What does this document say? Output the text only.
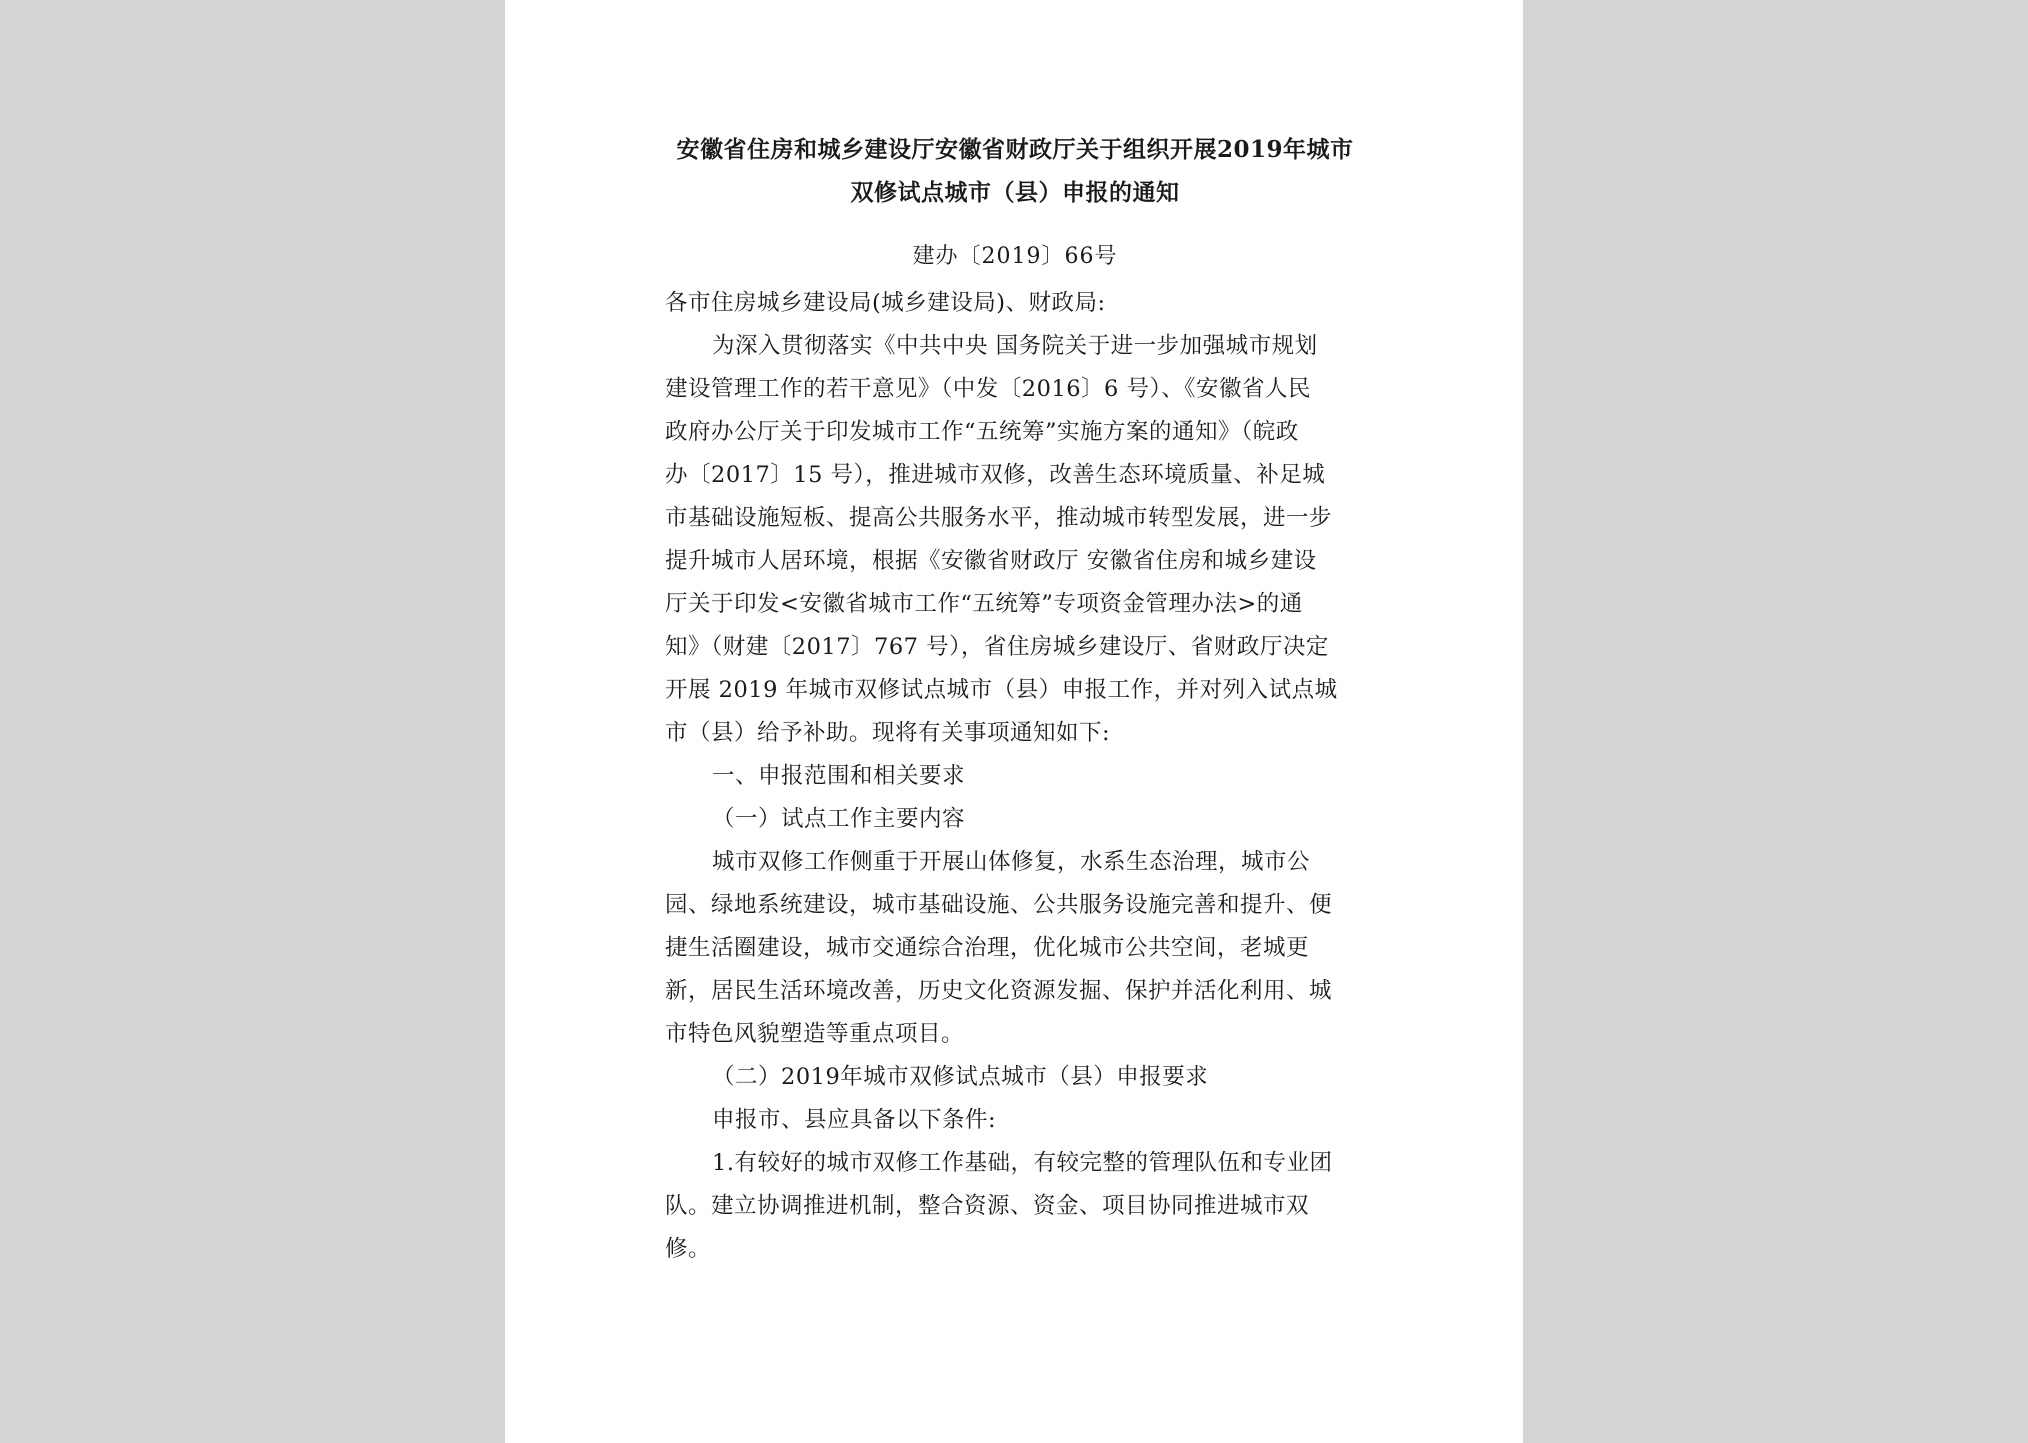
安徽省住房和城乡建设厅安徽省财政厅关于组织开展2019年城市
双修试点城市（县）申报的通知
建办〔2019〕66号
各市住房城乡建设局(城乡建设局)、财政局:
为深入贯彻落实《中共中央 国务院关于进一步加强城市规划
建设管理工作的若干意见》（中发〔2016〕6 号）、《安徽省人民
政府办公厅关于印发城市工作“五统筹”实施方案的通知》（皖政
办〔2017〕15 号），推进城市双修，改善生态环境质量、补足城
市基础设施短板、提高公共服务水平，推动城市转型发展，进一步
提升城市人居环境，根据《安徽省财政厅 安徽省住房和城乡建设
厅关于印发<安徽省城市工作“五统筹”专项资金管理办法>的通
知》（财建〔2017〕767 号），省住房城乡建设厅、省财政厅决定
开展 2019 年城市双修试点城市（县）申报工作，并对列入试点城
市（县）给予补助。现将有关事项通知如下:
一、申报范围和相关要求
（一）试点工作主要内容
城市双修工作侧重于开展山体修复，水系生态治理，城市公
园、绿地系统建设，城市基础设施、公共服务设施完善和提升、便
捷生活圈建设，城市交通综合治理，优化城市公共空间，老城更
新，居民生活环境改善，历史文化资源发掘、保护并活化利用、城
市特色风貌塑造等重点项目。
（二）2019年城市双修试点城市（县）申报要求
申报市、县应具备以下条件:
1.有较好的城市双修工作基础，有较完整的管理队伍和专业团
队。建立协调推进机制，整合资源、资金、项目协同推进城市双
修。
